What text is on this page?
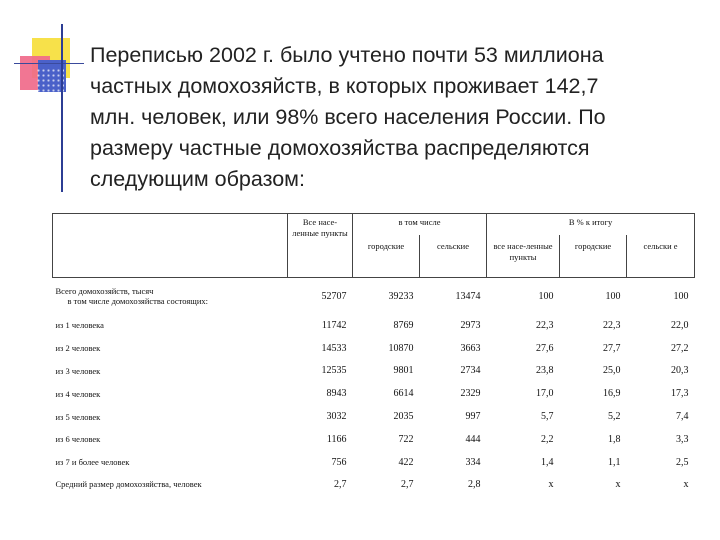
Переписью 2002 г. было учтено почти 53 миллиона
частных домохозяйств, в которых проживает 142,7
млн. человек, или 98% всего населения России. По
размеру частные домохозяйства распределяются
следующим образом:

	Все насе-ленные пункты	в том числе		В % к итогу		
		городские	сельские	все насе-ленные пункты	городские	сельски е
Всего домохозяйств, тысяч
в том числе домохозяйства состоящих:	52707	39233	13474	100	100	100
из 1 человека	11742	8769	2973	22,3	22,3	22,0
из 2 человек	14533	10870	3663	27,6	27,7	27,2
из 3 человек	12535	9801	2734	23,8	25,0	20,3
из 4 человек	8943	6614	2329	17,0	16,9	17,3
из 5 человек	3032	2035	997	5,7	5,2	7,4
из 6 человек	1166	722	444	2,2	1,8	3,3
из 7 и более человек	756	422	334	1,4	1,1	2,5
Средний размер домохозяйства, человек	2,7	2,7	2,8	х	х	х
